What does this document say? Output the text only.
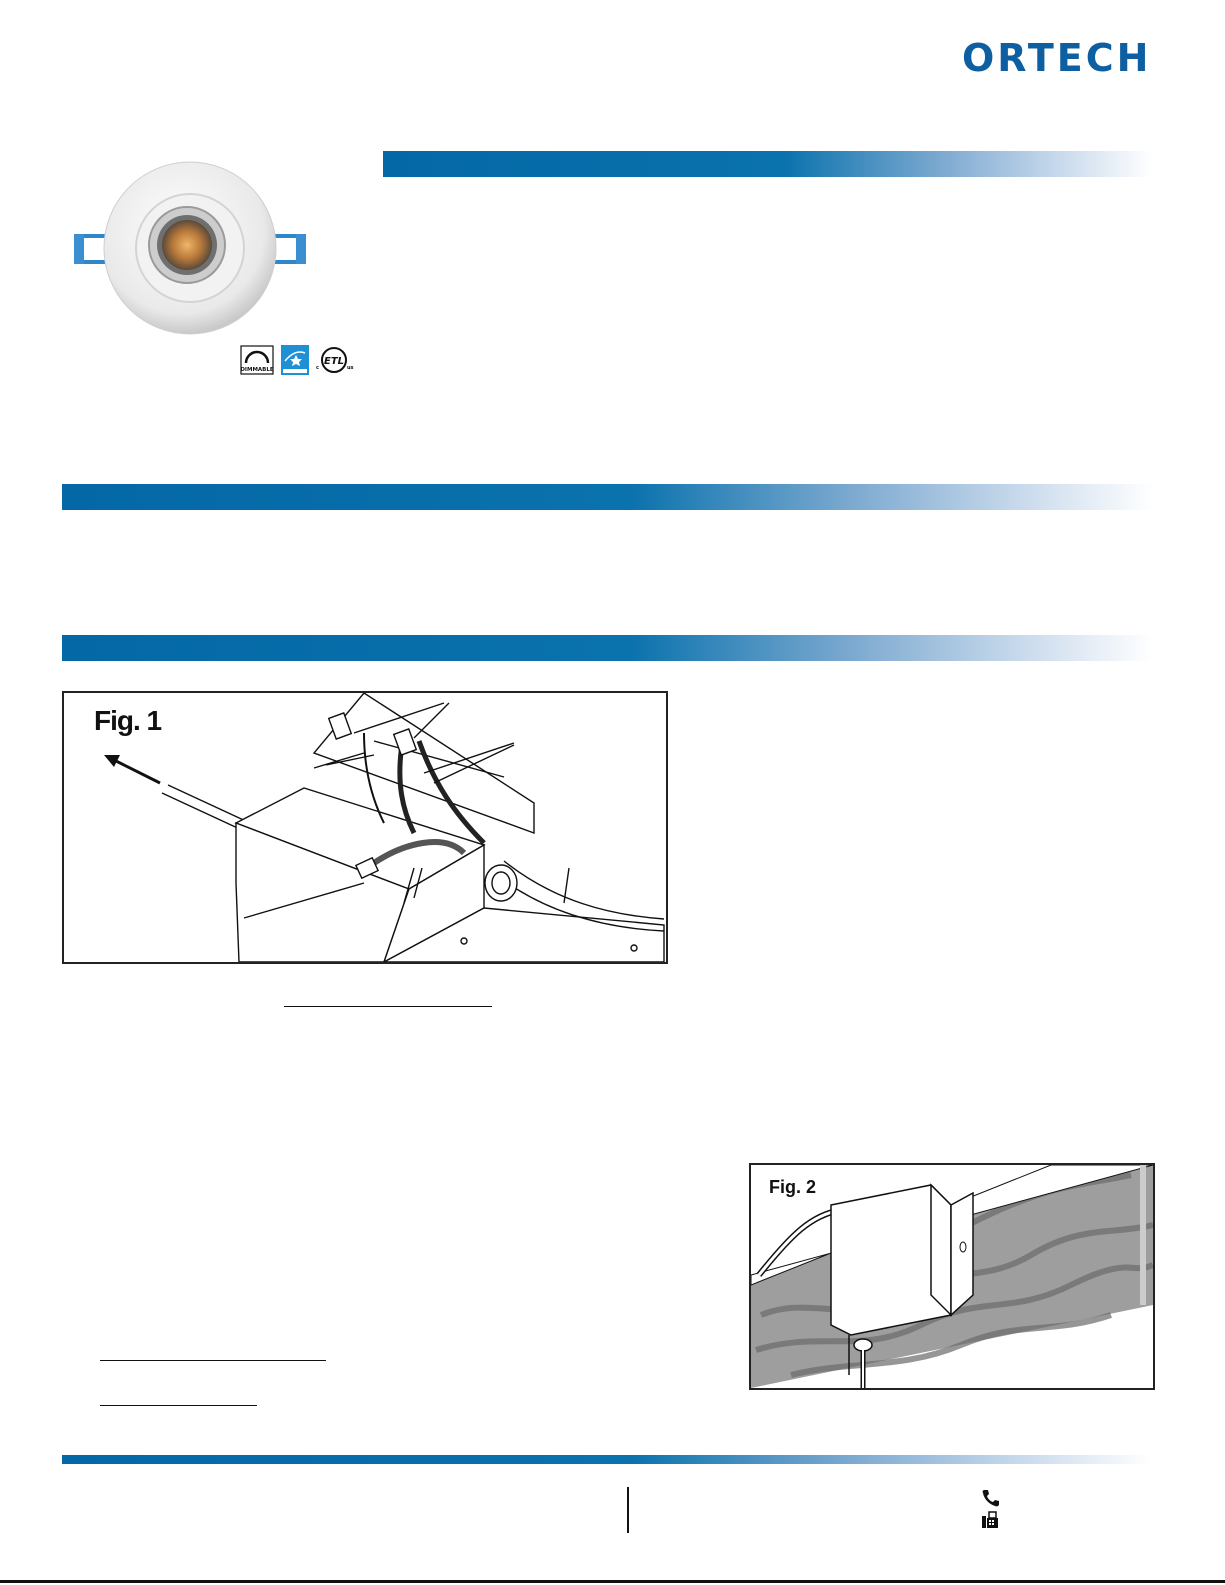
ORTECH
DIMMABLE	c
ETL
us
Fig. 1
Fig. 2
